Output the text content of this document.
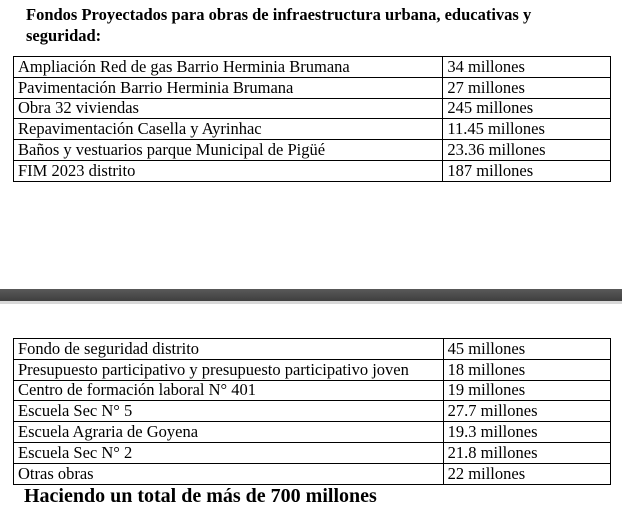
Fondos Proyectados para obras de infraestructura urbana, educativas y seguridad:
Ampliación Red de gas Barrio Herminia Brumana	34 millones
Pavimentación Barrio Herminia Brumana	27 millones
Obra 32 viviendas	245 millones
Repavimentación Casella y Ayrinhac	11.45 millones
Baños y vestuarios parque Municipal de Pigüé	23.36 millones
FIM 2023 distrito	187 millones
Fondo de seguridad distrito	45 millones
Presupuesto participativo y presupuesto participativo joven	18 millones
Centro de formación laboral N° 401	19 millones
Escuela Sec N° 5	27.7 millones
Escuela Agraria de Goyena	19.3 millones
Escuela Sec N° 2	21.8 millones
Otras obras	22 millones
Haciendo un total de más de 700 millones
